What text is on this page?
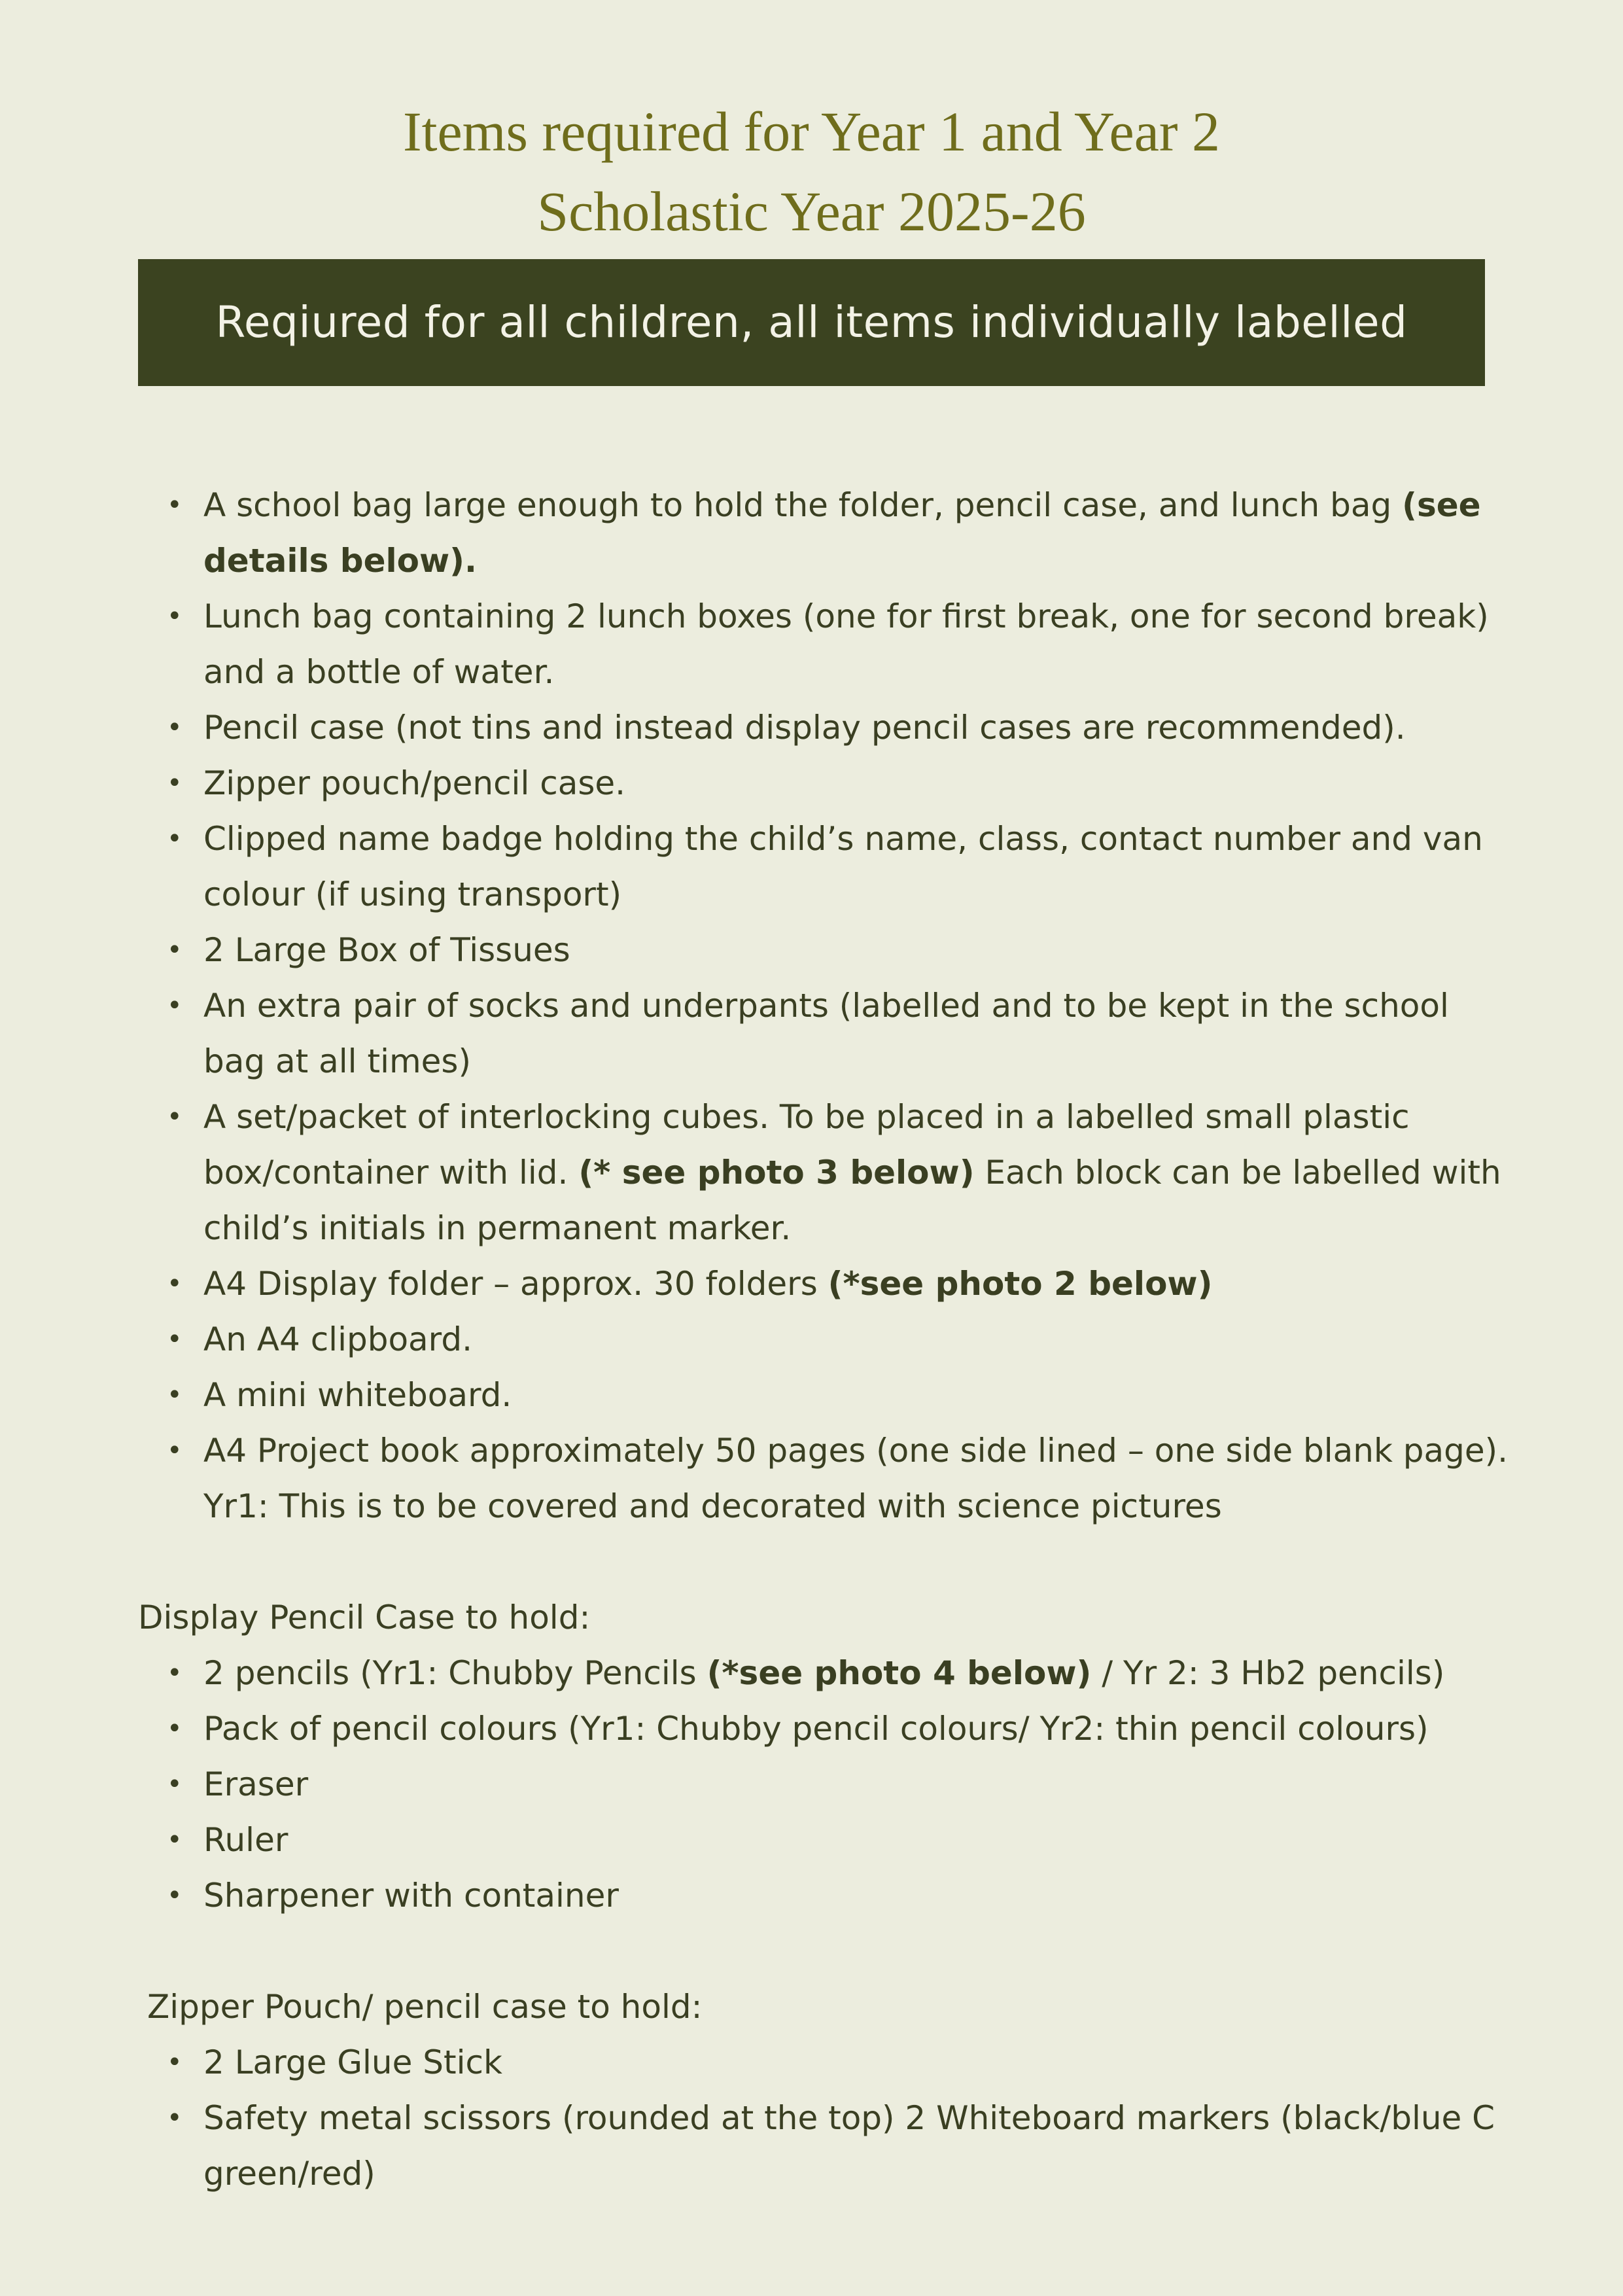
Items required for Year 1 and Year 2
Scholastic Year 2025-26
Reqiured for all children, all items individually labelled
• A school bag large enough to hold the folder, pencil case, and lunch bag (see details below).
• Lunch bag containing 2 lunch boxes (one for first break, one for second break) and a bottle of water.
• Pencil case (not tins and instead display pencil cases are recommended).
• Zipper pouch/pencil case.
• Clipped name badge holding the child’s name, class, contact number and van colour (if using transport)
• 2 Large Box of Tissues
• An extra pair of socks and underpants (labelled and to be kept in the school bag at all times)
• A set/packet of interlocking cubes. To be placed in a labelled small plastic box/container with lid. (* see photo 3 below) Each block can be labelled with child’s initials in permanent marker.
• A4 Display folder – approx. 30 folders (*see photo 2 below)
• An A4 clipboard.
• A mini whiteboard.
• A4 Project book approximately 50 pages (one side lined – one side blank page). Yr1: This is to be covered and decorated with science pictures
Display Pencil Case to hold:
• 2 pencils (Yr1: Chubby Pencils (*see photo 4 below) / Yr 2: 3 Hb2 pencils)
• Pack of pencil colours (Yr1: Chubby pencil colours/ Yr2: thin pencil colours)
• Eraser
• Ruler
• Sharpener with container
Zipper Pouch/ pencil case to hold:
• 2 Large Glue Stick
• Safety metal scissors (rounded at the top) 2 Whiteboard markers (black/blue C green/red)
